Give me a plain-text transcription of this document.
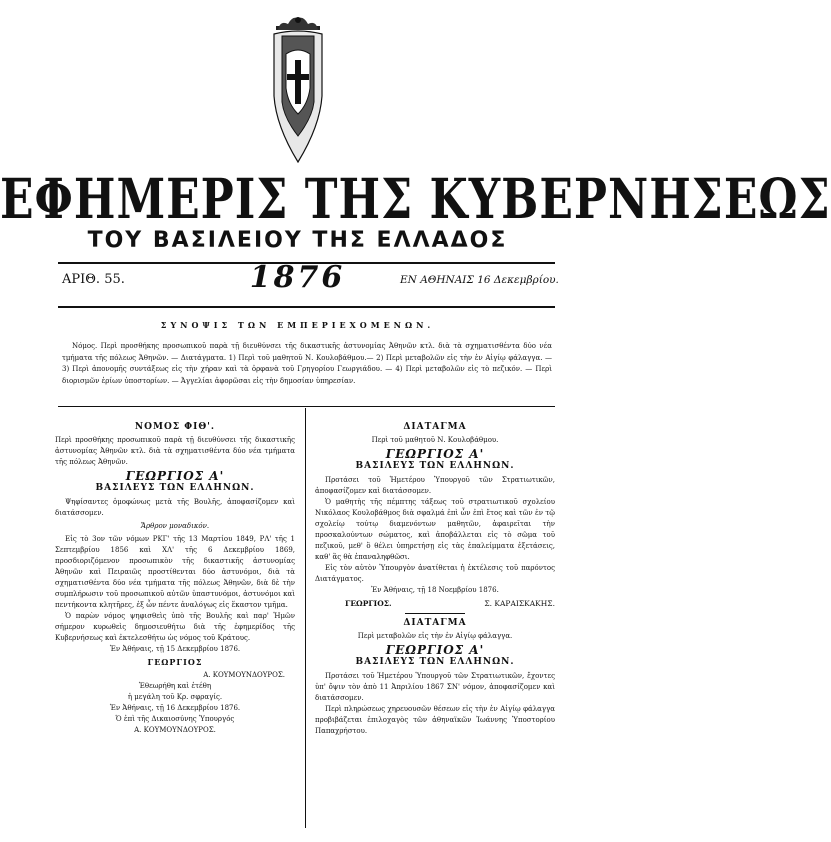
ΕΦΗΜΕΡΙΣ ΤΗΣ ΚΥΒΕΡΝΗΣΕΩΣ
ΤΟΥ ΒΑΣΙΛΕΙΟΥ ΤΗΣ ΕΛΛΑΔΟΣ
ΑΡΙΘ. 55.	1876	ΕΝ ΑΘΗΝΑΙΣ 16 Δεκεμβρίου.
ΣΥΝΟΨΙΣ ΤΩΝ ΕΜΠΕΡΙΕΧΟΜΕΝΩΝ.

Νόμος. Περὶ προσθήκης προσωπικοῦ παρὰ τῇ διευθύνσει τῆς δικαστικῆς ἀστυνομίας Ἀθηνῶν κτλ. διὰ τὰ σχηματισθέντα δύο νέα τμήματα τῆς πόλεως Ἀθηνῶν. — Διατάγματα. 1) Περὶ τοῦ μαθητοῦ Ν. Κουλοβάθμου.— 2) Περὶ μεταβολῶν εἰς τὴν ἐν Αἰγίῳ φάλαγγα. — 3) Περὶ ἀπονομῆς συντάξεως εἰς τὴν χήραν καὶ τὰ ὀρφανὰ τοῦ Γρηγορίου Γεωργιάδου. — 4) Περὶ μεταβολῶν εἰς τὸ πεζικόν. — Περὶ διορισμῶν ἐρίων ὑποστορίων. — Ἀγγελίαι ἀφορῶσαι εἰς τὴν δημοσίαν ὑπηρεσίαν.

ΝΟΜΟΣ ΦΙΘ'.

Περὶ προσθήκης προσωπικοῦ παρὰ τῇ διευθύνσει τῆς δικαστικῆς ἀστυνομίας Ἀθηνῶν κτλ. διὰ τὰ σχηματισθέντα δύο νέα τμήματα τῆς πόλεως Ἀθηνῶν.

ΓΕΩΡΓΙΟΣ Α'
ΒΑΣΙΛΕΥΣ ΤΩΝ ΕΛΛΗΝΩΝ.

Ψηφίσαντες ὁμοφώνως μετὰ τῆς Βουλῆς, ἀποφασίζομεν καὶ διατάσσομεν.

Ἄρθρον μοναδικόν.

Εἰς τὸ 3ον τῶν νόμων ΡΚΓ' τῆς 13 Μαρτίου 1849, ΡΛ' τῆς 1 Σεπτεμβρίου 1856 καὶ ΧΛ' τῆς 6 Δεκεμβρίου 1869, προσδιοριζόμενον προσωπικὸν τῆς δικαστικῆς ἀστυνομίας Ἀθηνῶν καὶ Πειραιῶς προστίθενται δύο ἀστυνόμοι, διὰ τὰ σχηματισθέντα δύο νέα τμήματα τῆς πόλεως Ἀθηνῶν, διὰ δὲ τὴν συμπλήρωσιν τοῦ προσωπικοῦ αὐτῶν ὑπαστυνόμοι, ἀστυνόμοι καὶ πεντήκοντα κλητῆρες, ἐξ ὧν πέντε ἀναλόγως εἰς ἕκαστον τμῆμα.

Ὁ παρὼν νόμος ψηφισθεὶς ὑπὸ τῆς Βουλῆς καὶ παρ' Ἡμῶν σήμερον κυρωθεὶς δημοσιευθήτω διὰ τῆς ἐφημερίδος τῆς Κυβερνήσεως καὶ ἐκτελεσθήτω ὡς νόμος τοῦ Κράτους.

Ἐν Ἀθήναις, τῇ 15 Δεκεμβρίου 1876.
ΓΕΩΡΓΙΟΣ
Α. ΚΟΥΜΟΥΝΔΟΥΡΟΣ.
Ἐθεωρήθη καὶ ἐτέθη
ἡ μεγάλη τοῦ Κρ. σφραγίς.
Ἐν Ἀθήναις, τῇ 16 Δεκεμβρίου 1876.
Ὁ ἐπὶ τῆς Δικαιοσύνης Ὑπουργός
Α. ΚΟΥΜΟΥΝΔΟΥΡΟΣ.
ΔΙΑΤΑΓΜΑ
Περὶ τοῦ μαθητοῦ Ν. Κουλοβάθμου.
ΓΕΩΡΓΙΟΣ Α'
ΒΑΣΙΛΕΥΣ ΤΩΝ ΕΛΛΗΝΩΝ.

Προτάσει τοῦ Ἡμετέρου Ὑπουργοῦ τῶν Στρατιωτικῶν, ἀποφασίζομεν καὶ διατάσσομεν.

Ὁ μαθητὴς τῆς πέμπτης τάξεως τοῦ στρατιωτικοῦ σχολείου Νικόλαος Κουλοβάθμος διὰ σφαλμά ἐπὶ ὧν ἐπὶ ἔτος καὶ τῶν ἐν τῷ σχολείῳ τούτῳ διαμενόντων μαθητῶν, ἀφαιρεῖται τὴν προσκαλούντων σώματος, καὶ ἀποβάλλεται εἰς τὸ σῶμα τοῦ πεζικοῦ, μεθ' ὃ θέλει ὑπηρετήσῃ εἰς τὰς ἐπαλείμματα ἐξετάσεις, καθ' ἃς θὰ ἐπαναληφθῶσι.

Εἰς τὸν αὐτὸν Ὑπουργὸν ἀνατίθεται ἡ ἐκτέλεσις τοῦ παρόντος Διατάγματος.

Ἐν Ἀθήναις, τῇ 18 Νοεμβρίου 1876.
ΓΕΩΡΓΙΟΣ.	Σ. ΚΑΡΑΙΣΚΑΚΗΣ.
ΔΙΑΤΑΓΜΑ
Περὶ μεταβολῶν εἰς τὴν ἐν Αἰγίῳ φάλαγγα.
ΓΕΩΡΓΙΟΣ Α'
ΒΑΣΙΛΕΥΣ ΤΩΝ ΕΛΛΗΝΩΝ.

Προτάσει τοῦ Ἡμετέρου Ὑπουργοῦ τῶν Στρατιωτικῶν, ἔχοντες ὑπ' ὄψιν τὸν ἀπὸ 11 Ἀπριλίου 1867 ΣΝ' νόμον, ἀποφασίζομεν καὶ διατάσσομεν.

Περὶ πληρώσεως χηρευουσῶν θέσεων εἰς τὴν ἐν Αἰγίῳ φάλαγγα προβιβάζεται ἐπιλοχαγὸς τῶν ἀθηναϊκῶν Ἰωάννης Ὑποστορίου Παπαχρήστου.
